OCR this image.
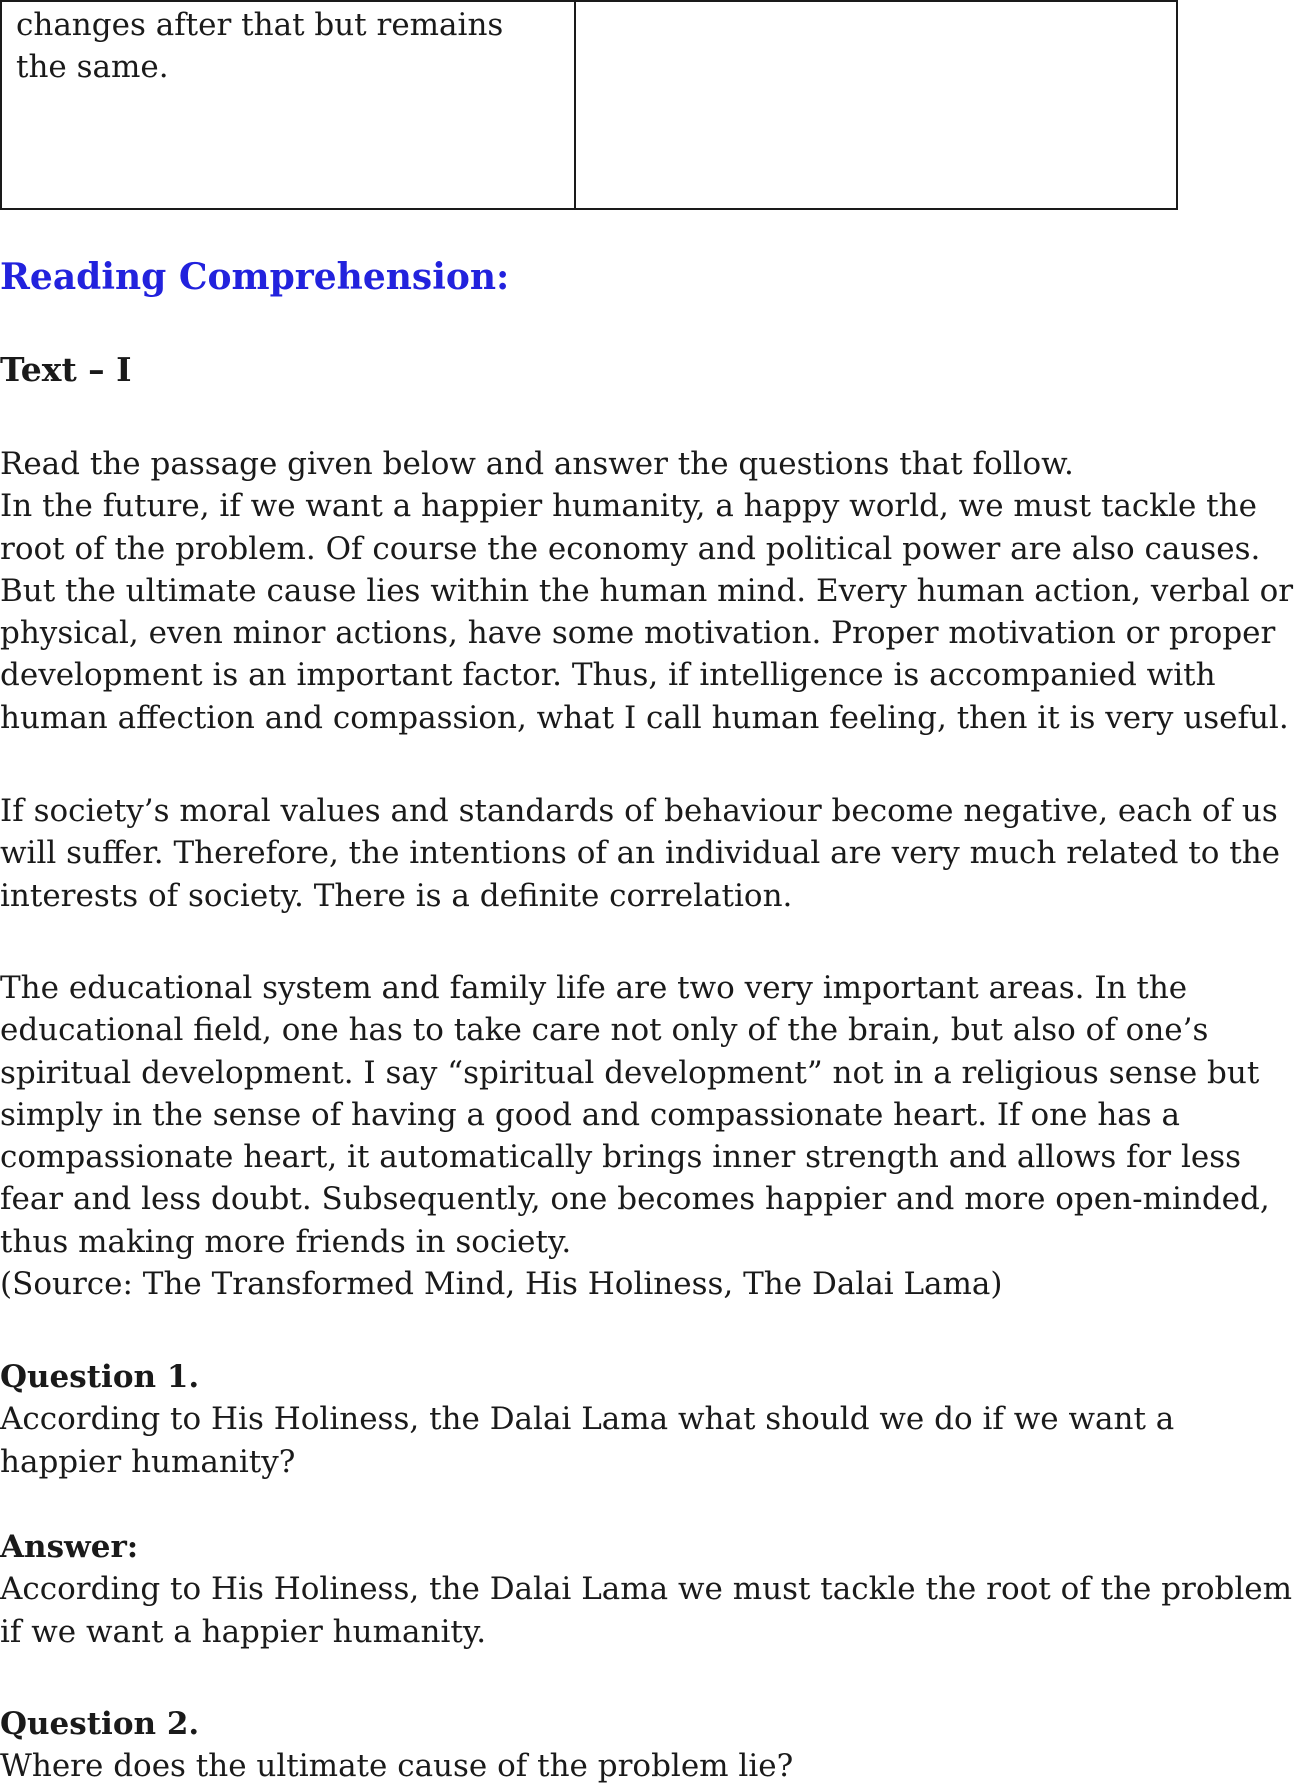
changes after that but remains the same.
Reading Comprehension:
Text – I

Read the passage given below and answer the questions that follow.

In the future, if we want a happier humanity, a happy world, we must tackle the root of the problem. Of course the economy and political power are also causes. But the ultimate cause lies within the human mind. Every human action, verbal or physical, even minor actions, have some motivation. Proper motivation or proper development is an important factor. Thus, if intelligence is accompanied with human affection and compassion, what I call human feeling, then it is very useful.

If society’s moral values and standards of behaviour become negative, each of us will suffer. Therefore, the intentions of an individual are very much related to the interests of society. There is a definite correlation.

The educational system and family life are two very important areas. In the educational field, one has to take care not only of the brain, but also of one’s spiritual development. I say “spiritual development” not in a religious sense but simply in the sense of having a good and compassionate heart. If one has a compassionate heart, it automatically brings inner strength and allows for less fear and less doubt. Subsequently, one becomes happier and more open-minded, thus making more friends in society.

(Source: The Transformed Mind, His Holiness, The Dalai Lama)

Question 1.

According to His Holiness, the Dalai Lama what should we do if we want a happier humanity?

Answer:

According to His Holiness, the Dalai Lama we must tackle the root of the problem if we want a happier humanity.

Question 2.

Where does the ultimate cause of the problem lie?
